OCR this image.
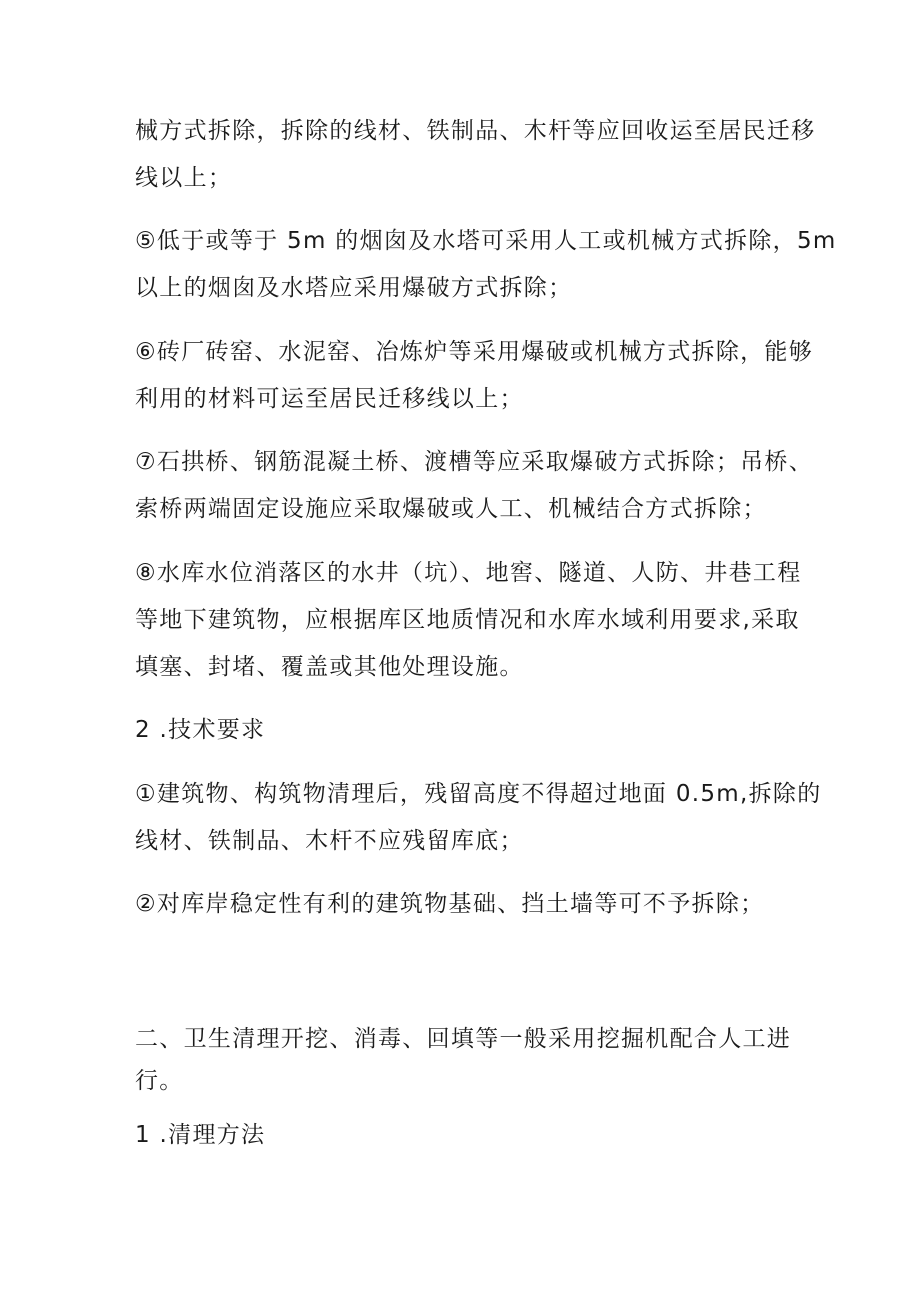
械方式拆除，拆除的线材、铁制品、木杆等应回收运至居民迁移
线以上；
⑤低于或等于 5m 的烟囱及水塔可采用人工或机械方式拆除，5m
以上的烟囱及水塔应采用爆破方式拆除；
⑥砖厂砖窑、水泥窑、冶炼炉等采用爆破或机械方式拆除，能够
利用的材料可运至居民迁移线以上；
⑦石拱桥、钢筋混凝土桥、渡槽等应采取爆破方式拆除；吊桥、
索桥两端固定设施应采取爆破或人工、机械结合方式拆除；
⑧水库水位消落区的水井（坑）、地窖、隧道、人防、井巷工程
等地下建筑物，应根据库区地质情况和水库水域利用要求,采取
填塞、封堵、覆盖或其他处理设施。
2 .技术要求
①建筑物、构筑物清理后，残留高度不得超过地面 0.5m,拆除的
线材、铁制品、木杆不应残留库底；
②对库岸稳定性有利的建筑物基础、挡土墙等可不予拆除；
二、卫生清理开挖、消毒、回填等一般采用挖掘机配合人工进
行。
1 .清理方法
